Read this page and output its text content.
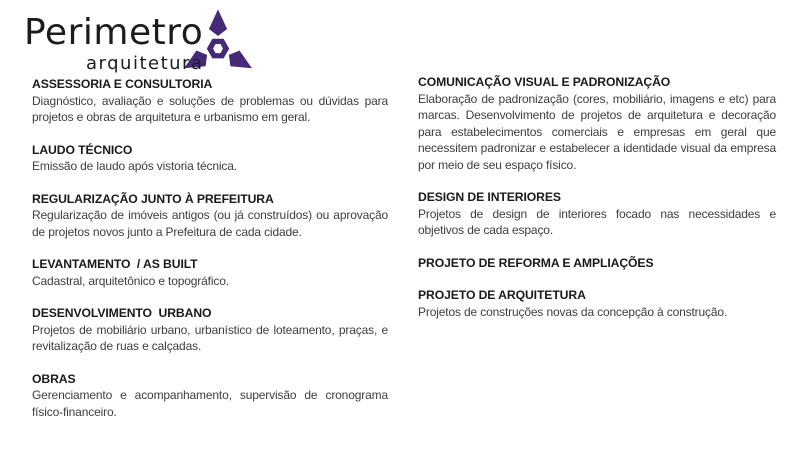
Perimetro
arquitetura
ASSESSORIA E CONSULTORIA
Diagnóstico, avaliação e soluções de problemas ou dúvidas para projetos e obras de arquitetura e urbanismo em geral.
LAUDO TÉCNICO
Emissão de laudo após vistoria técnica.
REGULARIZAÇÃO JUNTO À PREFEITURA
Regularização de imóveis antigos (ou já construídos) ou aprovação de projetos novos junto a Prefeitura de cada cidade.
LEVANTAMENTO  / AS BUILT
Cadastral, arquitetônico e topográfico.
DESENVOLVIMENTO  URBANO
Projetos de mobiliário urbano, urbanístico de loteamento, praças, e revitalização de ruas e calçadas.
OBRAS
Gerenciamento e acompanhamento, supervisão de cronograma físico-financeiro.
COMUNICAÇÃO VISUAL E PADRONIZAÇÃO
Elaboração de padronização (cores, mobiliário, imagens e etc) para marcas. Desenvolvimento de projetos de arquitetura e decoração para estabelecimentos comerciais e empresas em geral que necessitem padronizar e estabelecer a identidade visual da empresa por meio de seu espaço físico.
DESIGN DE INTERIORES
Projetos de design de interiores focado nas necessidades e objetivos de cada espaço.
PROJETO DE REFORMA E AMPLIAÇÕES
PROJETO DE ARQUITETURA
Projetos de construções novas da concepção à construção.
